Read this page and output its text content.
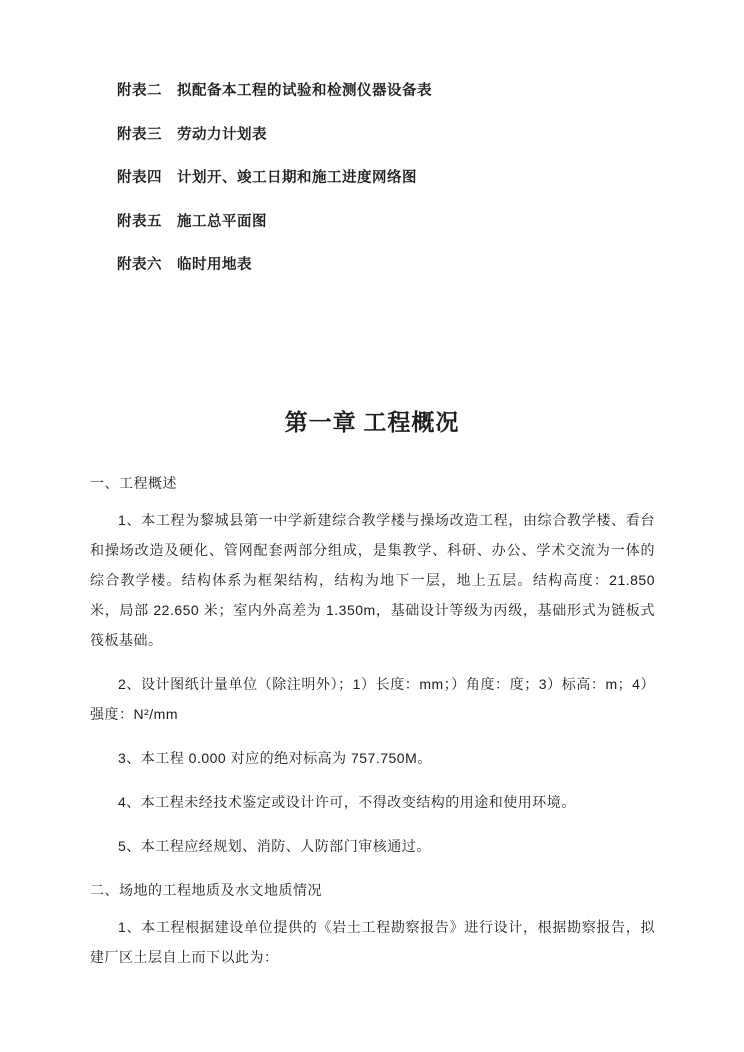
附表二 拟配备本工程的试验和检测仪器设备表
附表三 劳动力计划表
附表四 计划开、竣工日期和施工进度网络图
附表五 施工总平面图
附表六 临时用地表
第一章 工程概况
一、工程概述

1、本工程为黎城县第一中学新建综合教学楼与操场改造工程，由综合教学楼、看台和操场改造及硬化、管网配套两部分组成，是集教学、科研、办公、学术交流为一体的综合教学楼。结构体系为框架结构，结构为地下一层，地上五层。结构高度：21.850 米，局部 22.650 米；室内外高差为 1.350m，基础设计等级为丙级，基础形式为链板式筏板基础。

2、设计图纸计量单位（除注明外）；1）长度：mm；）角度：度；3）标高：m；4）强度：N²/mm

3、本工程 0.000 对应的绝对标高为 757.750M。

4、本工程未经技术鉴定或设计许可，不得改变结构的用途和使用环境。

5、本工程应经规划、消防、人防部门审核通过。

二、场地的工程地质及水文地质情况

1、本工程根据建设单位提供的《岩土工程勘察报告》进行设计，根据勘察报告，拟建厂区土层自上而下以此为：
